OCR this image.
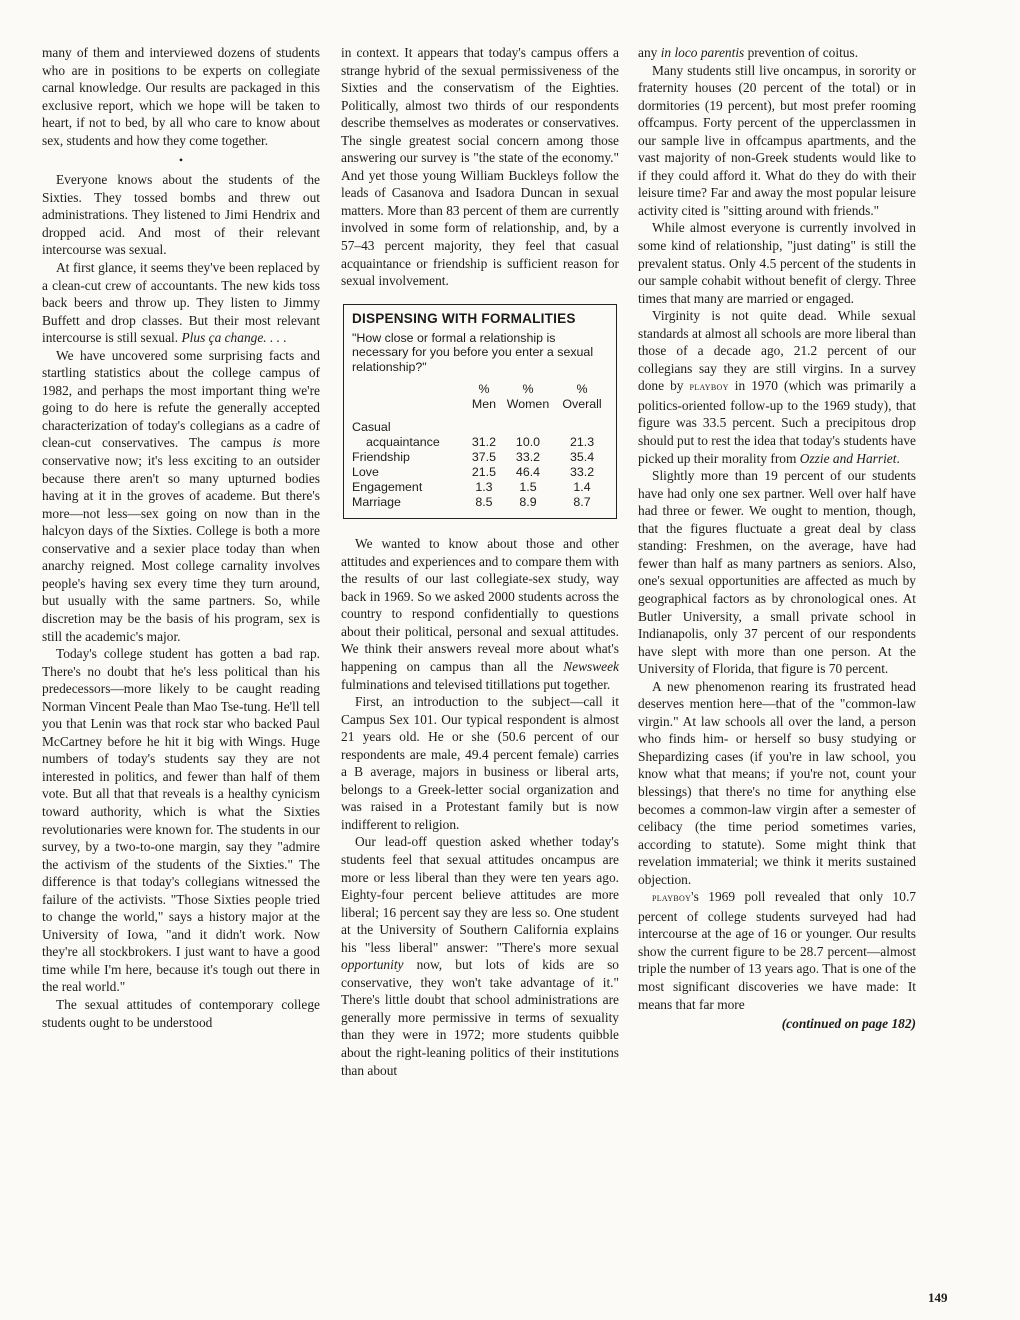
many of them and interviewed dozens of students who are in positions to be experts on collegiate carnal knowledge. Our results are packaged in this exclusive report, which we hope will be taken to heart, if not to bed, by all who care to know about sex, students and how they come together.

•

Everyone knows about the students of the Sixties. They tossed bombs and threw out administrations. They listened to Jimi Hendrix and dropped acid. And most of their relevant intercourse was sexual.

At first glance, it seems they've been replaced by a clean-cut crew of accountants. The new kids toss back beers and throw up. They listen to Jimmy Buffett and drop classes. But their most relevant intercourse is still sexual. Plus ça change. . . .

We have uncovered some surprising facts and startling statistics about the college campus of 1982, and perhaps the most important thing we're going to do here is refute the generally accepted characterization of today's collegians as a cadre of clean-cut conservatives. The campus is more conservative now; it's less exciting to an outsider because there aren't so many upturned bodies having at it in the groves of academe. But there's more—not less—sex going on now than in the halcyon days of the Sixties. College is both a more conservative and a sexier place today than when anarchy reigned. Most college carnality involves people's having sex every time they turn around, but usually with the same partners. So, while discretion may be the basis of his program, sex is still the academic's major.

Today's college student has gotten a bad rap. There's no doubt that he's less political than his predecessors—more likely to be caught reading Norman Vincent Peale than Mao Tse-tung. He'll tell you that Lenin was that rock star who backed Paul McCartney before he hit it big with Wings. Huge numbers of today's students say they are not interested in politics, and fewer than half of them vote. But all that that reveals is a healthy cynicism toward authority, which is what the Sixties revolutionaries were known for. The students in our survey, by a two-to-one margin, say they "admire the activism of the students of the Sixties." The difference is that today's collegians witnessed the failure of the activists. "Those Sixties people tried to change the world," says a history major at the University of Iowa, "and it didn't work. Now they're all stockbrokers. I just want to have a good time while I'm here, because it's tough out there in the real world."

The sexual attitudes of contemporary college students ought to be understood

in context. It appears that today's campus offers a strange hybrid of the sexual permissiveness of the Sixties and the conservatism of the Eighties. Politically, almost two thirds of our respondents describe themselves as moderates or conservatives. The single greatest social concern among those answering our survey is "the state of the economy." And yet those young William Buckleys follow the leads of Casanova and Isadora Duncan in sexual matters. More than 83 percent of them are currently involved in some form of relationship, and, by a 57–43 percent majority, they feel that casual acquaintance or friendship is sufficient reason for sexual involvement.

DISPENSING WITH FORMALITIES
"How close or formal a relationship is necessary for you before you enter a sexual relationship?"
	%	%	%
	Men	Women	Overall

Casual			
acquaintance	31.2	10.0	21.3
Friendship	37.5	33.2	35.4
Love	21.5	46.4	33.2
Engagement	1.3	1.5	1.4
Marriage	8.5	8.9	8.7

We wanted to know about those and other attitudes and experiences and to compare them with the results of our last collegiate-sex study, way back in 1969. So we asked 2000 students across the country to respond confidentially to questions about their political, personal and sexual attitudes. We think their answers reveal more about what's happening on campus than all the Newsweek fulminations and televised titillations put together.

First, an introduction to the subject—call it Campus Sex 101. Our typical respondent is almost 21 years old. He or she (50.6 percent of our respondents are male, 49.4 percent female) carries a B average, majors in business or liberal arts, belongs to a Greek-letter social organization and was raised in a Protestant family but is now indifferent to religion.

Our lead-off question asked whether today's students feel that sexual attitudes oncampus are more or less liberal than they were ten years ago. Eighty-four percent believe attitudes are more liberal; 16 percent say they are less so. One student at the University of Southern California explains his "less liberal" answer: "There's more sexual opportunity now, but lots of kids are so conservative, they won't take advantage of it." There's little doubt that school administrations are generally more permissive in terms of sexuality than they were in 1972; more students quibble about the right-leaning politics of their institutions than about

any in loco parentis prevention of coitus.

Many students still live oncampus, in sorority or fraternity houses (20 percent of the total) or in dormitories (19 percent), but most prefer rooming offcampus. Forty percent of the upperclassmen in our sample live in offcampus apartments, and the vast majority of non-Greek students would like to if they could afford it. What do they do with their leisure time? Far and away the most popular leisure activity cited is "sitting around with friends."

While almost everyone is currently involved in some kind of relationship, "just dating" is still the prevalent status. Only 4.5 percent of the students in our sample cohabit without benefit of clergy. Three times that many are married or engaged.

Virginity is not quite dead. While sexual standards at almost all schools are more liberal than those of a decade ago, 21.2 percent of our collegians say they are still virgins. In a survey done by playboy in 1970 (which was primarily a politics-oriented follow-up to the 1969 study), that figure was 33.5 percent. Such a precipitous drop should put to rest the idea that today's students have picked up their morality from Ozzie and Harriet.

Slightly more than 19 percent of our students have had only one sex partner. Well over half have had three or fewer. We ought to mention, though, that the figures fluctuate a great deal by class standing: Freshmen, on the average, have had fewer than half as many partners as seniors. Also, one's sexual opportunities are affected as much by geographical factors as by chronological ones. At Butler University, a small private school in Indianapolis, only 37 percent of our respondents have slept with more than one person. At the University of Florida, that figure is 70 percent.

A new phenomenon rearing its frustrated head deserves mention here—that of the "common-law virgin." At law schools all over the land, a person who finds him- or herself so busy studying or Shepardizing cases (if you're in law school, you know what that means; if you're not, count your blessings) that there's no time for anything else becomes a common-law virgin after a semester of celibacy (the time period sometimes varies, according to statute). Some might think that revelation immaterial; we think it merits sustained objection.

playboy's 1969 poll revealed that only 10.7 percent of college students surveyed had had intercourse at the age of 16 or younger. Our results show the current figure to be 28.7 percent—almost triple the number of 13 years ago. That is one of the most significant discoveries we have made: It means that far more

(continued on page 182)
149
